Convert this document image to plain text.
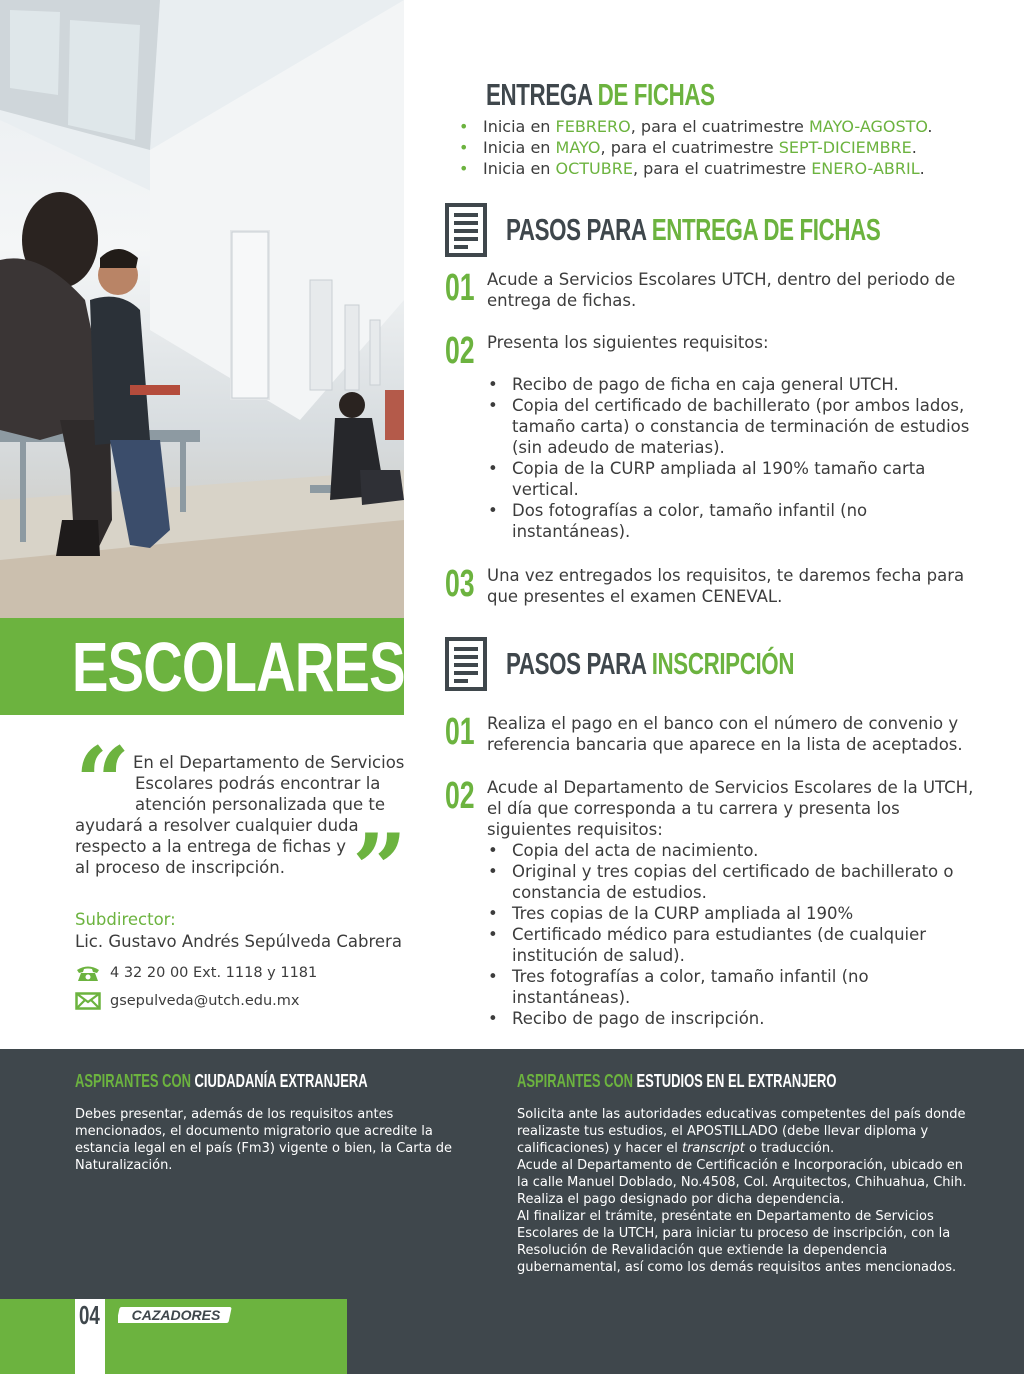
ESCOLARES
“
”
En el Departamento de Servicios
Escolares podrás encontrar la
atención personalizada que te
ayudará a resolver cualquier duda
respecto a la entrega de fichas y
al proceso de inscripción.
Subdirector:
Lic. Gustavo Andrés Sepúlveda Cabrera
4 32 20 00 Ext. 1118 y 1181
gsepulveda@utch.edu.mx
ENTREGA DE FICHAS
• Inicia en FEBRERO, para el cuatrimestre MAYO-AGOSTO.
• Inicia en MAYO, para el cuatrimestre SEPT-DICIEMBRE.
• Inicia en OCTUBRE, para el cuatrimestre ENERO-ABRIL.
PASOS PARA ENTREGA DE FICHAS
01 Acude a Servicios Escolares UTCH, dentro del periodo de entrega de fichas.
02 Presenta los siguientes requisitos:
• Recibo de pago de ficha en caja general UTCH.
• Copia del certificado de bachillerato (por ambos lados, tamaño carta) o constancia de terminación de estudios (sin adeudo de materias).
• Copia de la CURP ampliada al 190% tamaño carta vertical.
• Dos fotografías a color, tamaño infantil (no instantáneas).
03 Una vez entregados los requisitos, te daremos fecha para que presentes el examen CENEVAL.
PASOS PARA INSCRIPCIÓN
01 Realiza el pago en el banco con el número de convenio y referencia bancaria que aparece en la lista de aceptados.
02 Acude al Departamento de Servicios Escolares de la UTCH, el día que corresponda a tu carrera y presenta los siguientes requisitos:
• Copia del acta de nacimiento.
• Original y tres copias del certificado de bachillerato o constancia de estudios.
• Tres copias de la CURP ampliada al 190%
• Certificado médico para estudiantes (de cualquier institución de salud).
• Tres fotografías a color, tamaño infantil (no instantáneas).
• Recibo de pago de inscripción.
ASPIRANTES CON CIUDADANÍA EXTRANJERA
Debes presentar, además de los requisitos antes mencionados, el documento migratorio que acredite la estancia legal en el país (Fm3) vigente o bien, la Carta de Naturalización.
ASPIRANTES CON ESTUDIOS EN EL EXTRANJERO
Solicita ante las autoridades educativas competentes del país donde realizaste tus estudios, el APOSTILLADO (debe llevar diploma y calificaciones) y hacer el transcript o traducción.
Acude al Departamento de Certificación e Incorporación, ubicado en la calle Manuel Doblado, No.4508, Col. Arquitectos, Chihuahua, Chih. Realiza el pago designado por dicha dependencia.
Al finalizar el trámite, preséntate en Departamento de Servicios Escolares de la UTCH, para iniciar tu proceso de inscripción, con la Resolución de Revalidación que extiende la dependencia gubernamental, así como los demás requisitos antes mencionados.
04 CAZADORES
